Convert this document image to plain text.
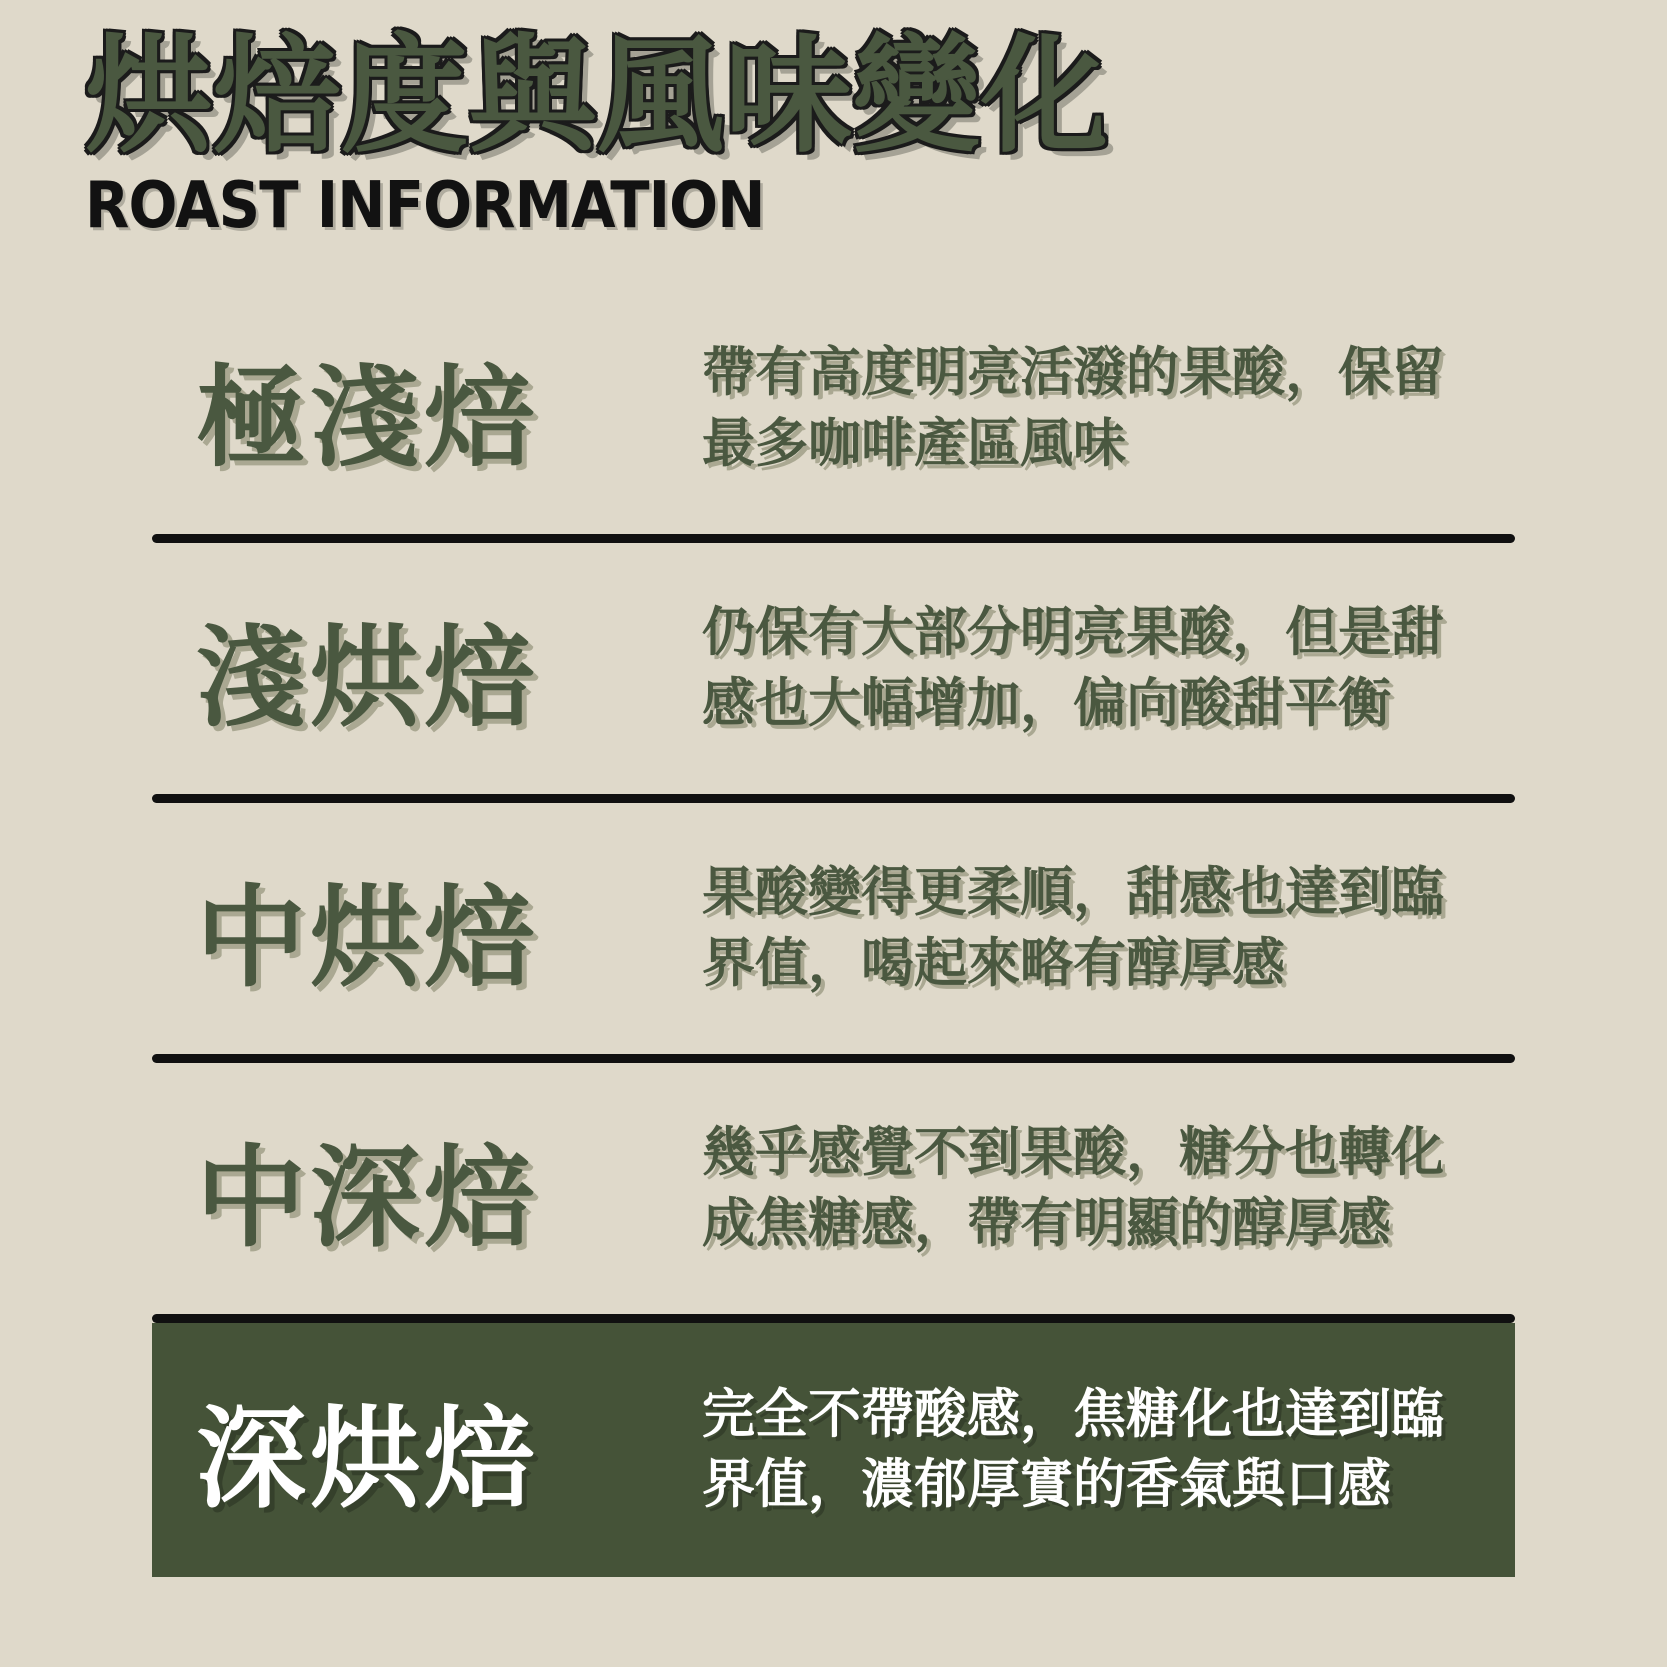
烘焙度與風味變化
ROAST INFORMATION
極淺焙	帶有高度明亮活潑的果酸，保留最多咖啡產區風味
淺烘焙	仍保有大部分明亮果酸，但是甜感也大幅增加，偏向酸甜平衡
中烘焙	果酸變得更柔順，甜感也達到臨界值，喝起來略有醇厚感
中深焙	幾乎感覺不到果酸，糖分也轉化成焦糖感，帶有明顯的醇厚感
深烘焙	完全不帶酸感，焦糖化也達到臨界值，濃郁厚實的香氣與口感
